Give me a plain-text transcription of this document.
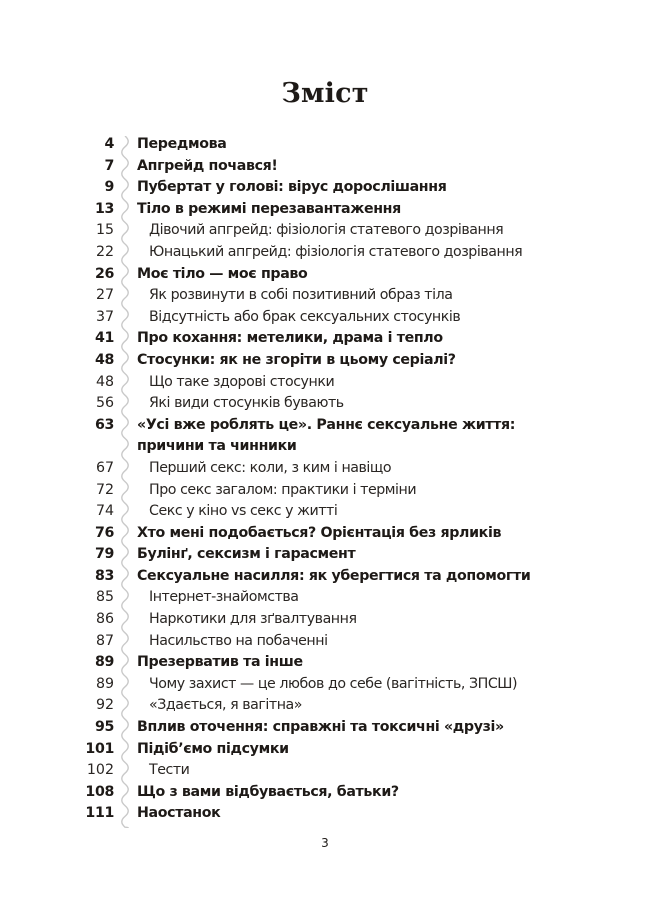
Зміст
4 Передмова
7 Апгрейд почався!
9 Пубертат у голові: вірус дорослішання
13 Тіло в режимі перезавантаження
15 Дівочий апгрейд: фізіологія статевого дозрівання
22 Юнацький апгрейд: фізіологія статевого дозрівання
26 Моє тіло — моє право
27 Як розвинути в собі позитивний образ тіла
37 Відсутність або брак сексуальних стосунків
41 Про кохання: метелики, драма і тепло
48 Стосунки: як не згоріти в цьому серіалі?
48 Що таке здорові стосунки
56 Які види стосунків бувають
63 «Усі вже роблять це». Раннє сексуальне життя:
причини та чинники
67 Перший секс: коли, з ким і навіщо
72 Про секс загалом: практики і терміни
74 Секс у кіно vs секс у житті
76 Хто мені подобається? Орієнтація без ярликів
79 Булінґ, сексизм і гарасмент
83 Сексуальне насилля: як уберегтися та допомогти
85 Інтернет-знайомства
86 Наркотики для зґвалтування
87 Насильство на побаченні
89 Презерватив та інше
89 Чому захист — це любов до себе (вагітність, ЗПСШ)
92 «Здається, я вагітна»
95 Вплив оточення: справжні та токсичні «друзі»
101 Підіб’ємо підсумки
102 Тести
108 Що з вами відбувається, батьки?
111 Наостанок
3
